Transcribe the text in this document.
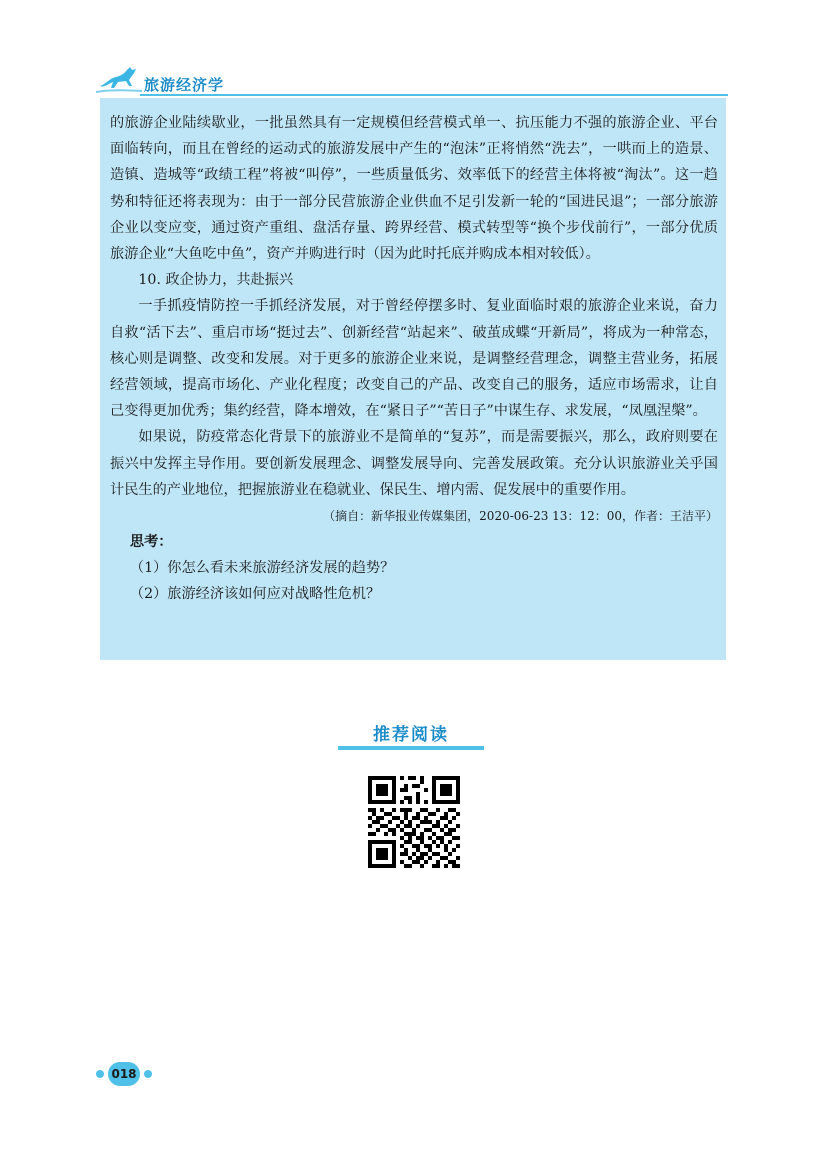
旅游经济学

的旅游企业陆续歇业，一批虽然具有一定规模但经营模式单一、抗压能力不强的旅游企业、平台面临转向，而且在曾经的运动式的旅游发展中产生的“泡沫”正将悄然“洗去”，一哄而上的造景、造镇、造城等“政绩工程”将被“叫停”，一些质量低劣、效率低下的经营主体将被“淘汰”。这一趋势和特征还将表现为：由于一部分民营旅游企业供血不足引发新一轮的“国进民退”；一部分旅游企业以变应变，通过资产重组、盘活存量、跨界经营、模式转型等“换个步伐前行”，一部分优质旅游企业“大鱼吃中鱼”，资产并购进行时（因为此时托底并购成本相对较低）。

10. 政企协力，共赴振兴

一手抓疫情防控一手抓经济发展，对于曾经停摆多时、复业面临时艰的旅游企业来说，奋力自救“活下去”、重启市场“挺过去”、创新经营“站起来”、破茧成蝶“开新局”，将成为一种常态，核心则是调整、改变和发展。对于更多的旅游企业来说，是调整经营理念，调整主营业务，拓展经营领域，提高市场化、产业化程度；改变自己的产品、改变自己的服务，适应市场需求，让自己变得更加优秀；集约经营，降本增效，在“紧日子”“苦日子”中谋生存、求发展，“凤凰涅槃”。

如果说，防疫常态化背景下的旅游业不是简单的“复苏”，而是需要振兴，那么，政府则要在振兴中发挥主导作用。要创新发展理念、调整发展导向、完善发展政策。充分认识旅游业关乎国计民生的产业地位，把握旅游业在稳就业、保民生、增内需、促发展中的重要作用。

（摘自：新华报业传媒集团，2020-06-23 13：12：00，作者：王洁平）
思考：
（1）你怎么看未来旅游经济发展的趋势？
（2）旅游经济该如何应对战略性危机？
推荐阅读
018
